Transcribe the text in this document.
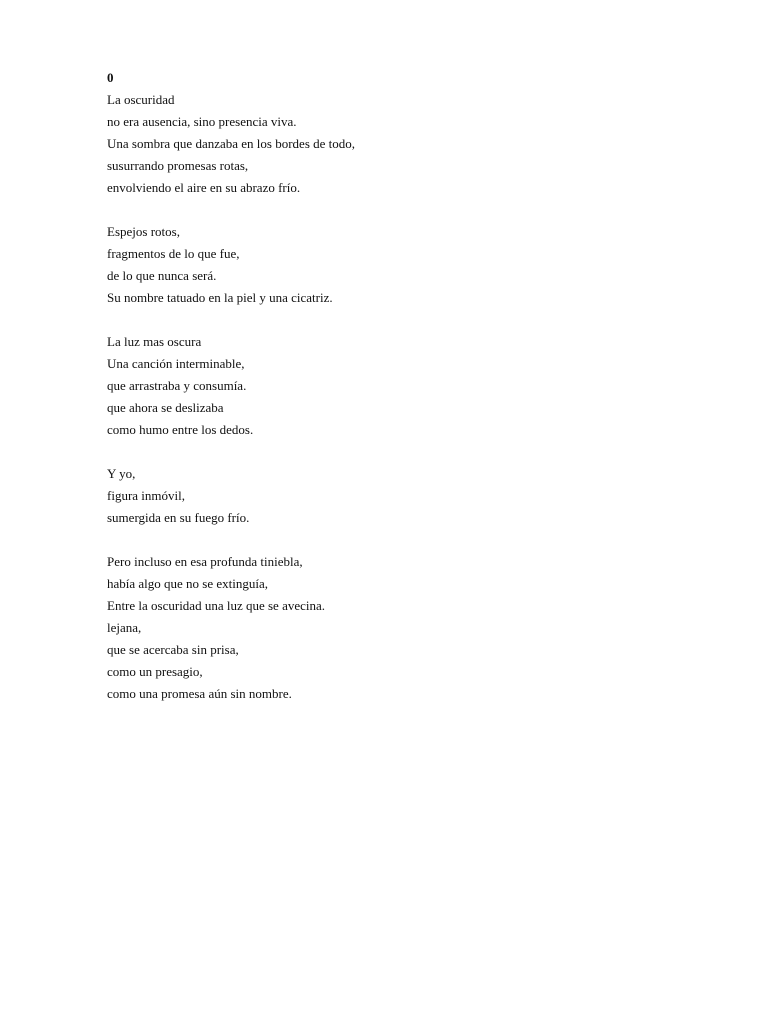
0
La oscuridad
no era ausencia, sino presencia viva.
Una sombra que danzaba en los bordes de todo,
susurrando promesas rotas,
envolviendo el aire en su abrazo frío.
Espejos rotos,
fragmentos de lo que fue,
de lo que nunca será.
Su nombre tatuado en la piel y una cicatriz.
La luz mas oscura
Una canción interminable,
que arrastraba y consumía.
que ahora se deslizaba
como humo entre los dedos.
Y yo,
figura inmóvil,
sumergida en su fuego frío.
Pero incluso en esa profunda tiniebla,
había algo que no se extinguía,
Entre la oscuridad una luz que se avecina.
lejana,
que se acercaba sin prisa,
como un presagio,
como una promesa aún sin nombre.
